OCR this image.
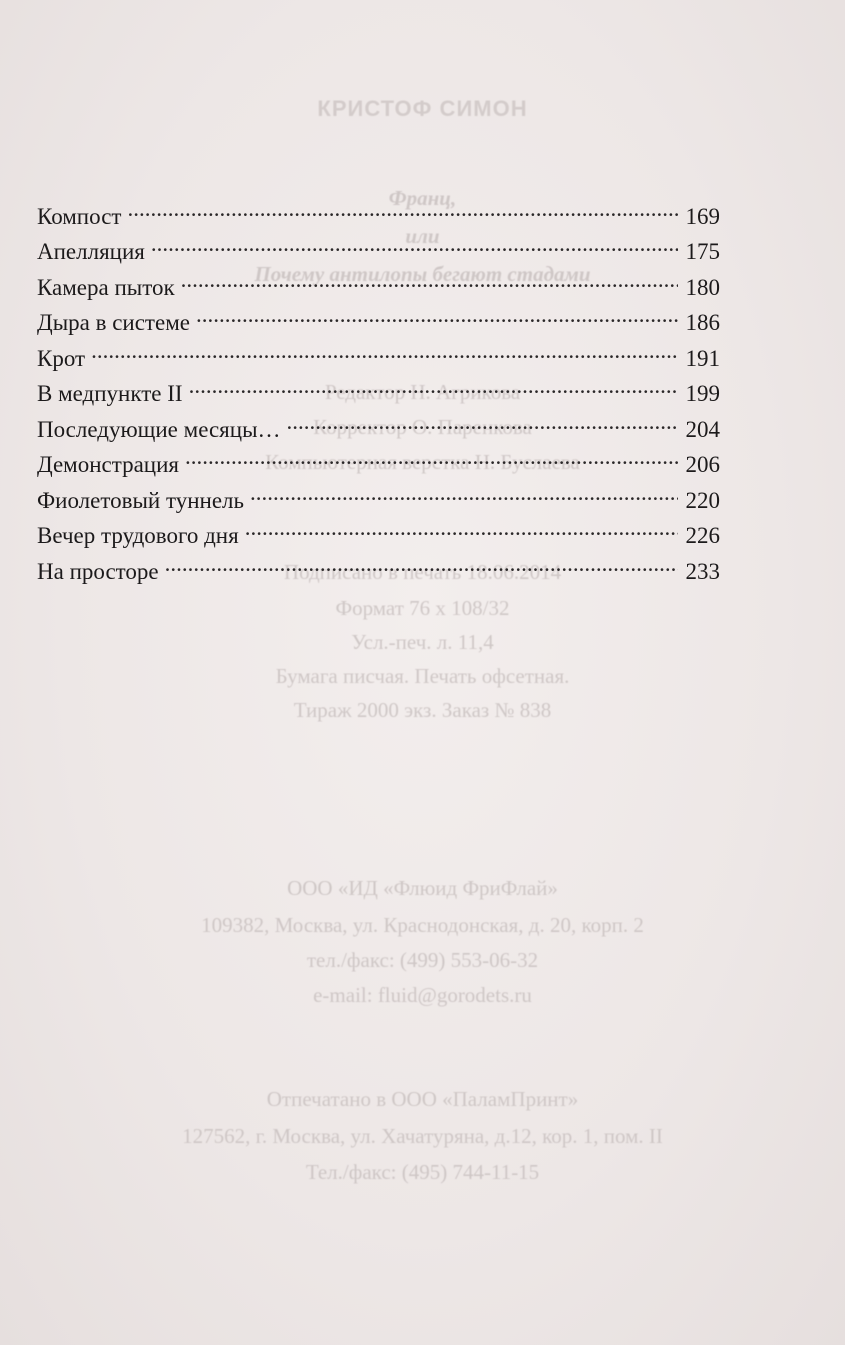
КРИСТОФ СИМОН
Франц,
или
Почему антилопы бегают стадами
Редактор Н. Агрикова
Корректор О. Паренкова
Компьютерная верстка Н. Буслаева
Подписано в печать 18.06.2014
Формат 76 х 108/32
Усл.-печ. л. 11,4
Бумага писчая. Печать офсетная.
Тираж 2000 экз. Заказ № 838
ООО «ИД «Флюид ФриФлай»
109382, Москва, ул. Краснодонская, д. 20, корп. 2
тел./факс: (499) 553-06-32
e-mail: fluid@gorodets.ru
Отпечатано в ООО «ПаламПринт»
127562, г. Москва, ул. Хачатуряна, д.12, кор. 1, пом. II
Тел./факс: (495) 744-11-15
Компост .....	169
Апелляция .....	175
Камера пыток .....	180
Дыра в системе .....	186
Крот .....	191
В медпункте II .....	199
Последующие месяцы… .....	204
Демонстрация .....	206
Фиолетовый туннель .....	220
Вечер трудового дня .....	226
На просторе .....	233
